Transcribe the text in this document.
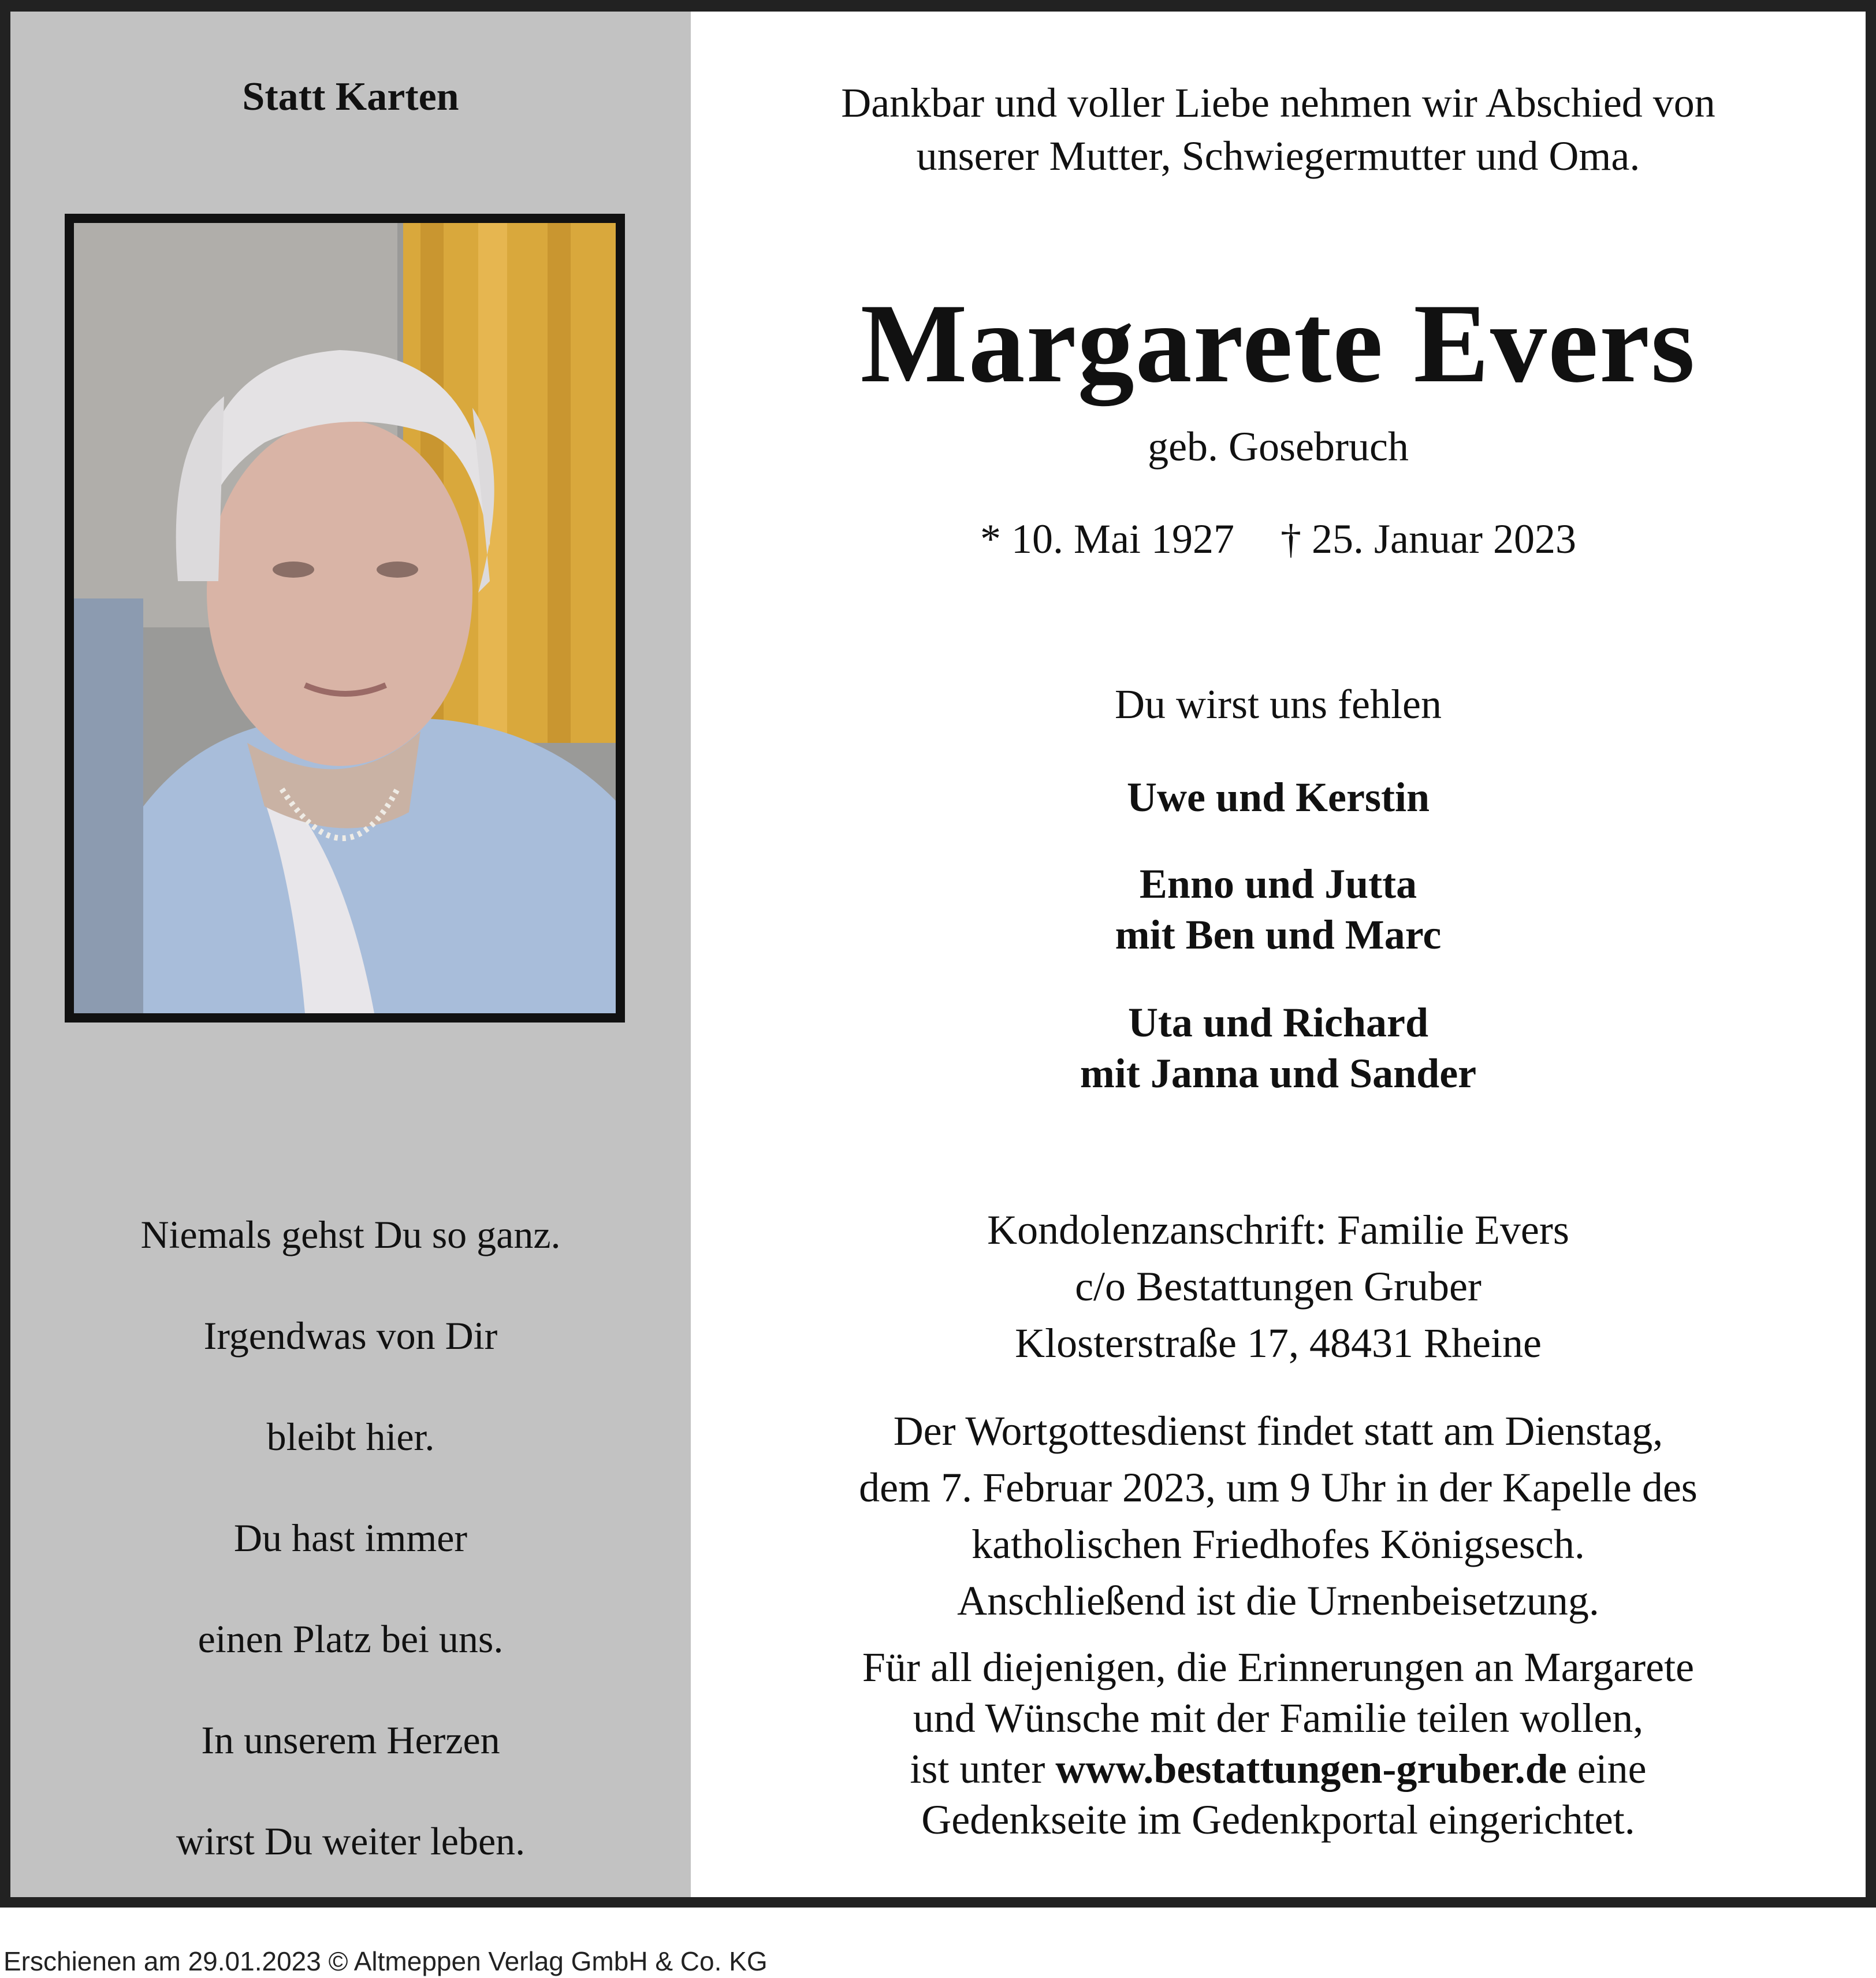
Statt Karten
Niemals gehst Du so ganz.
Irgendwas von Dir
bleibt hier.
Du hast immer
einen Platz bei uns.
In unserem Herzen
wirst Du weiter leben.
Dankbar und voller Liebe nehmen wir Abschied von
unserer Mutter, Schwiegermutter und Oma.
Margarete Evers
geb. Gosebruch
* 10. Mai 1927 † 25. Januar 2023
Du wirst uns fehlen
Uwe und Kerstin
Enno und Jutta
mit Ben und Marc
Uta und Richard
mit Janna und Sander
Kondolenzanschrift: Familie Evers
c/o Bestattungen Gruber
Klosterstraße 17, 48431 Rheine
Der Wortgottesdienst findet statt am Dienstag,
dem 7. Februar 2023, um 9 Uhr in der Kapelle des
katholischen Friedhofes Königsesch.
Anschließend ist die Urnenbeisetzung.
Für all diejenigen, die Erinnerungen an Margarete
und Wünsche mit der Familie teilen wollen,
ist unter www.bestattungen-gruber.de eine
Gedenkseite im Gedenkportal eingerichtet.
Erschienen am 29.01.2023 © Altmeppen Verlag GmbH & Co. KG
